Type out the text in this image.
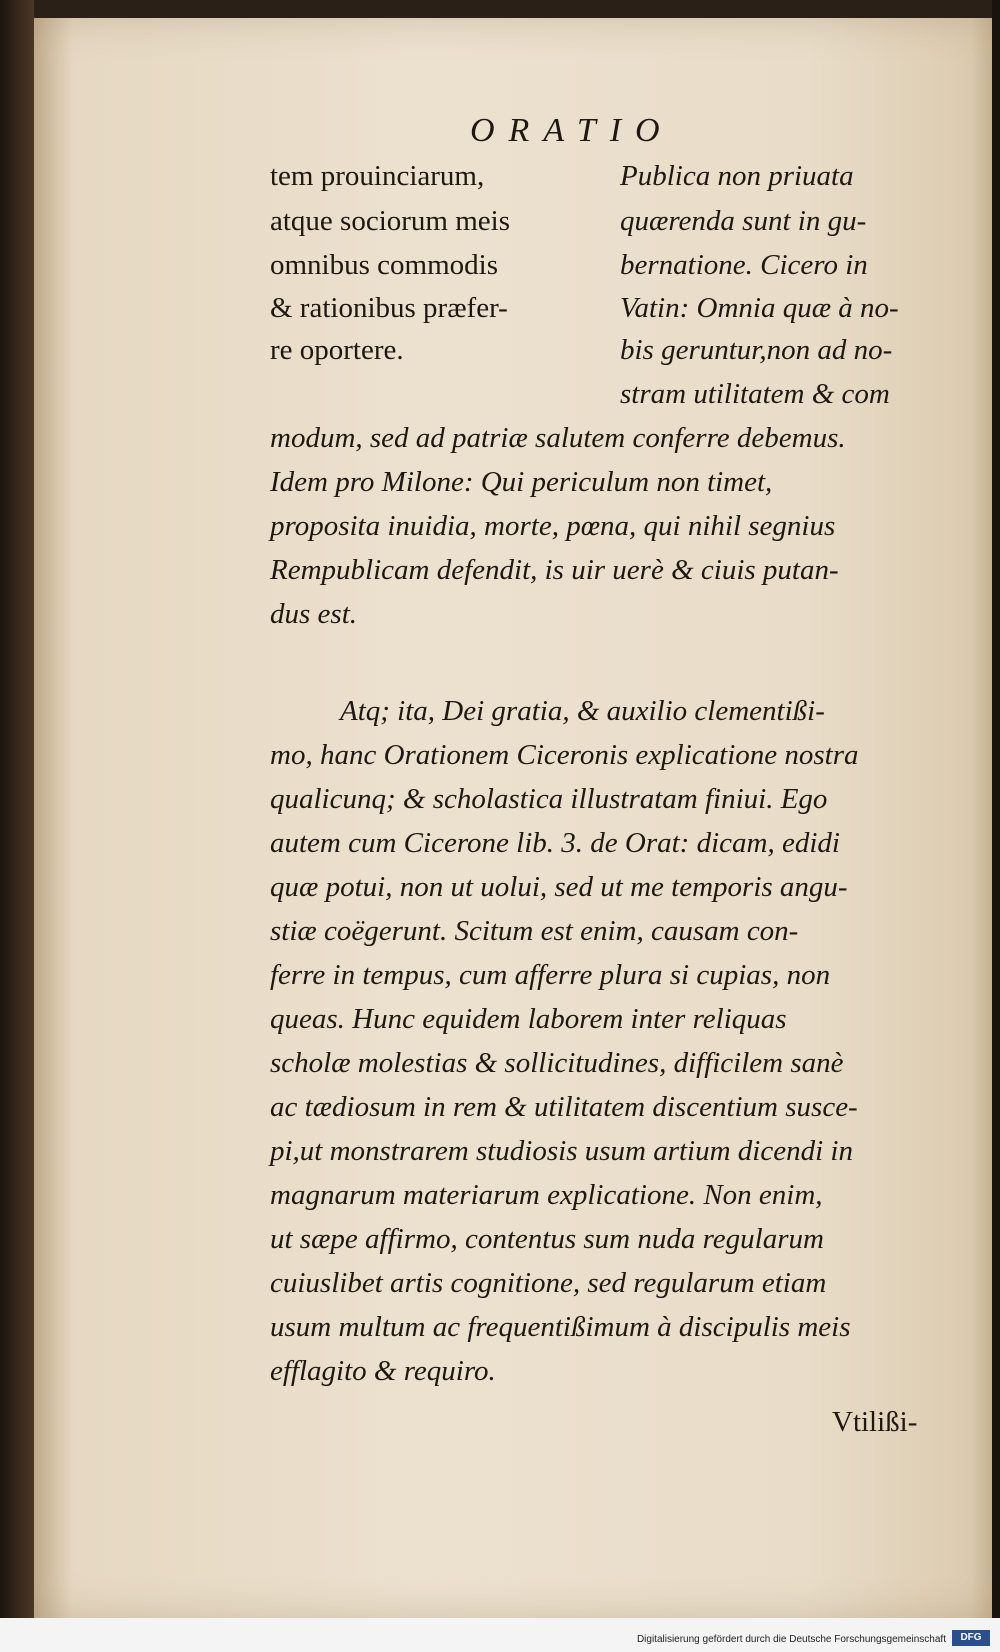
ORATIO
tem prouinciarum,
atque sociorum meis
omnibus commodis
& rationibus præfer-
re oportere.
Publica non priuata
quærenda sunt in gu-
bernatione. Cicero in
Vatin: Omnia quæ à no-
bis geruntur,non ad no-
stram utilitatem & com
modum, sed ad patriæ salutem conferre debemus.
Idem pro Milone: Qui periculum non timet,
proposita inuidia, morte, pœna, qui nihil segnius
Rempublicam defendit, is uir uerè & ciuis putan-
dus est.
Atq; ita, Dei gratia, & auxilio clementißi-
mo, hanc Orationem Ciceronis explicatione nostra
qualicunq; & scholastica illustratam finiui. Ego
autem cum Cicerone lib. 3. de Orat: dicam, edidi
quæ potui, non ut uolui, sed ut me temporis angu-
stiæ coëgerunt. Scitum est enim, causam con-
ferre in tempus, cum afferre plura si cupias, non
queas. Hunc equidem laborem inter reliquas
scholæ molestias & sollicitudines, difficilem sanè
ac tædiosum in rem & utilitatem discentium susce-
pi,ut monstrarem studiosis usum artium dicendi in
magnarum materiarum explicatione. Non enim,
ut sæpe affirmo, contentus sum nuda regularum
cuiuslibet artis cognitione, sed regularum etiam
usum multum ac frequentißimum à discipulis meis
efflagito & requiro.
Vtilißi-
Digitalisierung gefördert durch die Deutsche Forschungsgemeinschaft	DFG
